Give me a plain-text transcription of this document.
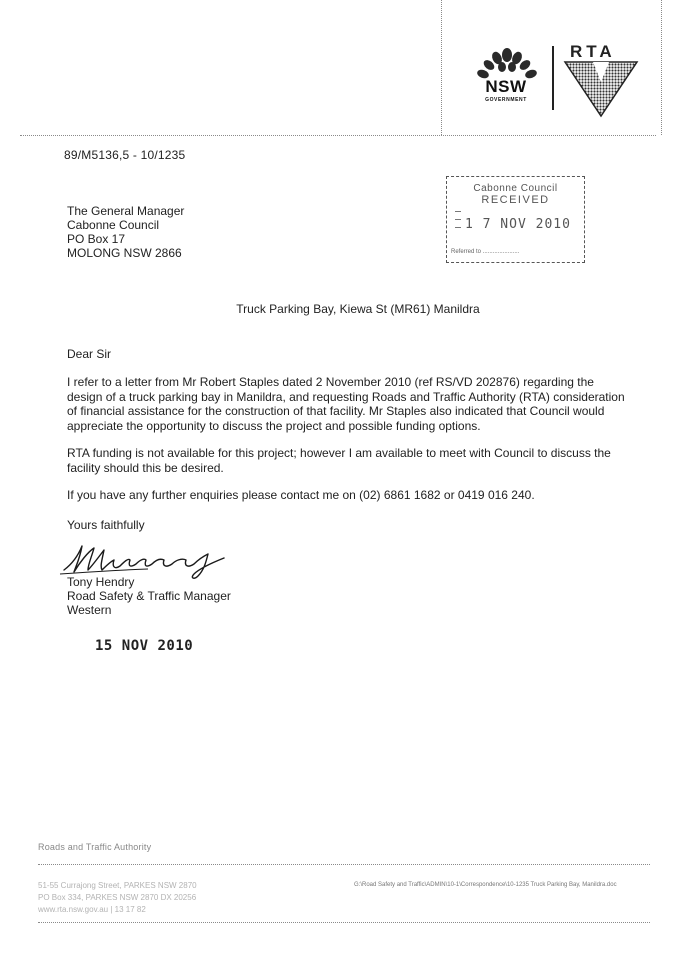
NSW
GOVERNMENT
RTA
89/M5136,5 - 10/1235
The General Manager
Cabonne Council
PO Box 17
MOLONG NSW 2866
Cabonne Council
RECEIVED
1 7 NOV 2010
Referred to ......................
Truck Parking Bay, Kiewa St (MR61) Manildra
Dear Sir
I refer to a letter from Mr Robert Staples dated 2 November 2010 (ref RS/VD 202876) regarding the design of a truck parking bay in Manildra, and requesting Roads and Traffic Authority (RTA) consideration of financial assistance for the construction of that facility. Mr Staples also indicated that Council would appreciate the opportunity to discuss the project and possible funding options.
RTA funding is not available for this project; however I am available to meet with Council to discuss the facility should this be desired.
If you have any further enquiries please contact me on (02) 6861 1682 or 0419 016 240.
Yours faithfully
Tony Hendry
Road Safety & Traffic Manager
Western
15 NOV 2010
Roads and Traffic Authority
51-55 Currajong Street, PARKES NSW 2870
PO Box 334, PARKES NSW 2870 DX 20256
www.rta.nsw.gov.au | 13 17 82
G:\Road Safety and Traffic\ADMIN\10-1\Correspondence\10-1235 Truck Parking Bay, Manildra.doc
